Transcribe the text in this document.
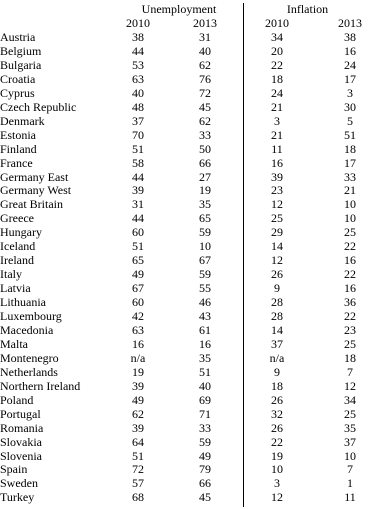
Unemployment	Inflation
2010	2013	2010	2013
Austria	38	31	34	38
Belgium	44	40	20	16
Bulgaria	53	62	22	24
Croatia	63	76	18	17
Cyprus	40	72	24	3
Czech Republic	48	45	21	30
Denmark	37	62	3	5
Estonia	70	33	21	51
Finland	51	50	11	18
France	58	66	16	17
Germany East	44	27	39	33
Germany West	39	19	23	21
Great Britain	31	35	12	10
Greece	44	65	25	10
Hungary	60	59	29	25
Iceland	51	10	14	22
Ireland	65	67	12	16
Italy	49	59	26	22
Latvia	67	55	9	16
Lithuania	60	46	28	36
Luxembourg	42	43	28	22
Macedonia	63	61	14	23
Malta	16	16	37	25
Montenegro	n/a	35	n/a	18
Netherlands	19	51	9	7
Northern Ireland	39	40	18	12
Poland	49	69	26	34
Portugal	62	71	32	25
Romania	39	33	26	35
Slovakia	64	59	22	37
Slovenia	51	49	19	10
Spain	72	79	10	7
Sweden	57	66	3	1
Turkey	68	45	12	11
